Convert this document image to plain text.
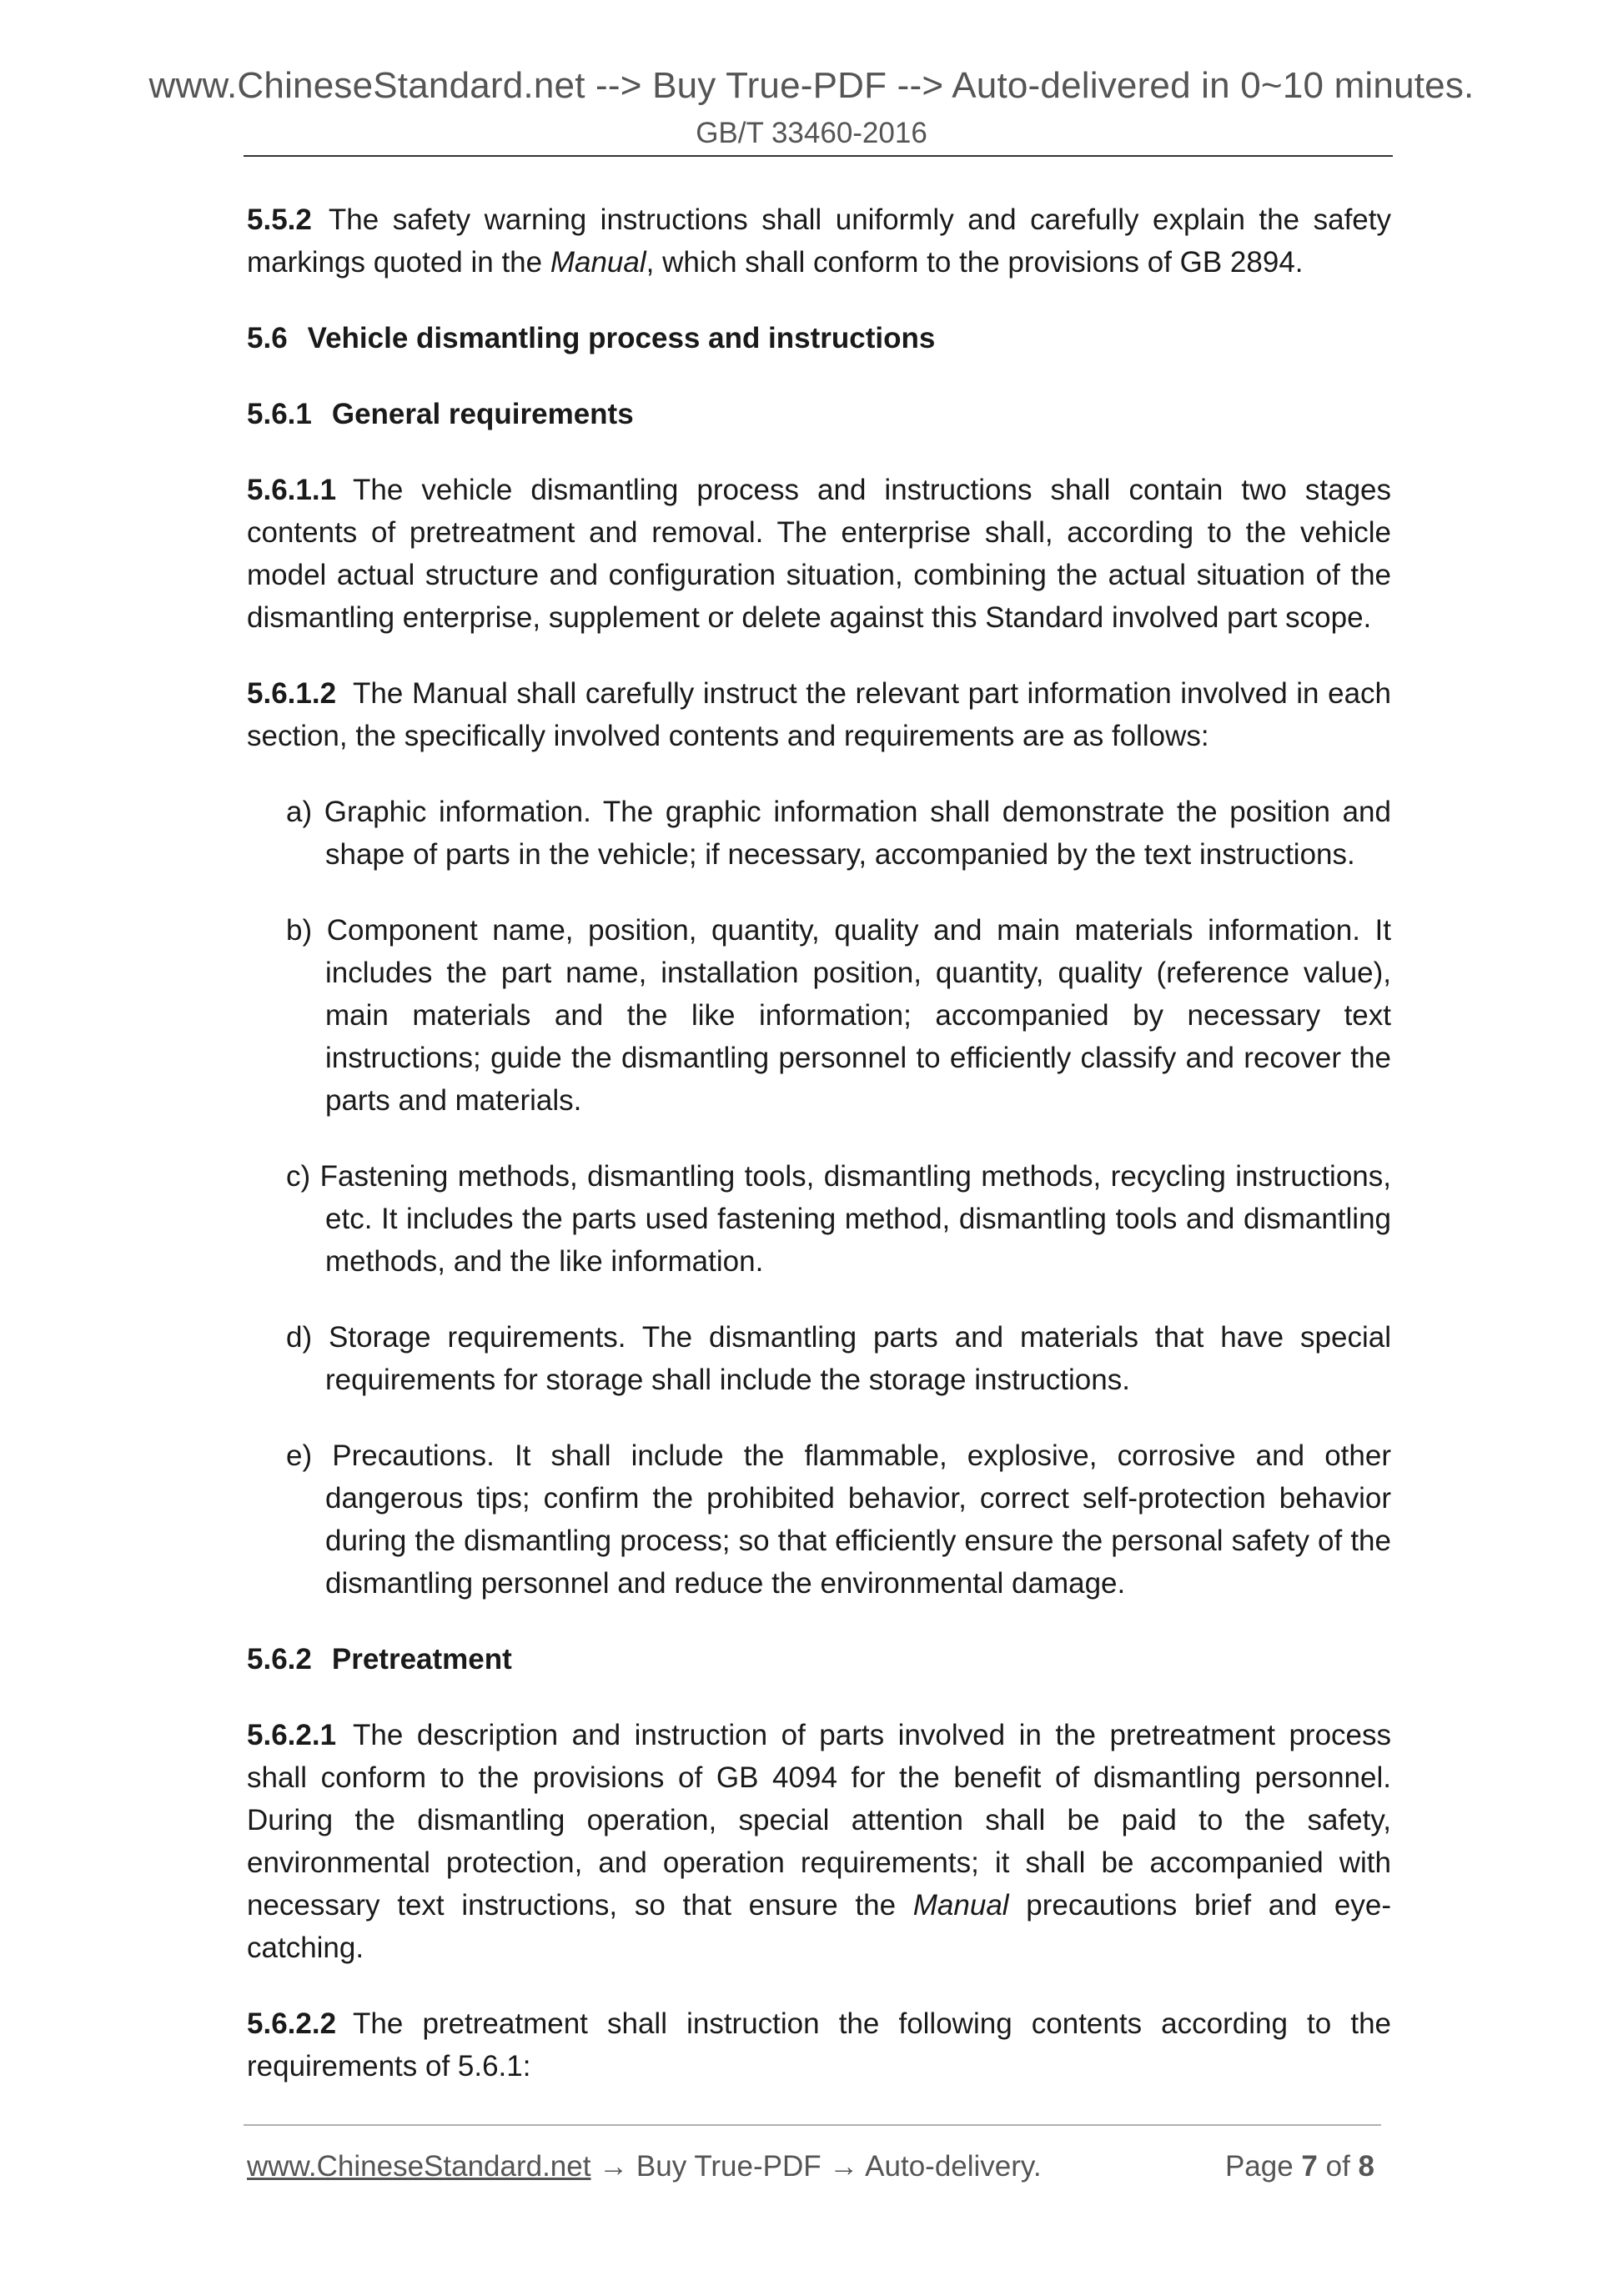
www.ChineseStandard.net --> Buy True-PDF --> Auto-delivered in 0~10 minutes.
GB/T 33460-2016

5.5.2 The safety warning instructions shall uniformly and carefully explain the safety markings quoted in the Manual, which shall conform to the provisions of GB 2894.

5.6 Vehicle dismantling process and instructions
5.6.1 General requirements

5.6.1.1 The vehicle dismantling process and instructions shall contain two stages contents of pretreatment and removal. The enterprise shall, according to the vehicle model actual structure and configuration situation, combining the actual situation of the dismantling enterprise, supplement or delete against this Standard involved part scope.

5.6.1.2 The Manual shall carefully instruct the relevant part information involved in each section, the specifically involved contents and requirements are as follows:

a) Graphic information. The graphic information shall demonstrate the position and shape of parts in the vehicle; if necessary, accompanied by the text instructions.
b) Component name, position, quantity, quality and main materials information. It includes the part name, installation position, quantity, quality (reference value), main materials and the like information; accompanied by necessary text instructions; guide the dismantling personnel to efficiently classify and recover the parts and materials.
c) Fastening methods, dismantling tools, dismantling methods, recycling instructions, etc. It includes the parts used fastening method, dismantling tools and dismantling methods, and the like information.
d) Storage requirements. The dismantling parts and materials that have special requirements for storage shall include the storage instructions.
e) Precautions. It shall include the flammable, explosive, corrosive and other dangerous tips; confirm the prohibited behavior, correct self-protection behavior during the dismantling process; so that efficiently ensure the personal safety of the dismantling personnel and reduce the environmental damage.
5.6.2 Pretreatment

5.6.2.1 The description and instruction of parts involved in the pretreatment process shall conform to the provisions of GB 4094 for the benefit of dismantling personnel. During the dismantling operation, special attention shall be paid to the safety, environmental protection, and operation requirements; it shall be accompanied with necessary text instructions, so that ensure the Manual precautions brief and eye-catching.

5.6.2.2 The pretreatment shall instruction the following contents according to the requirements of 5.6.1:

www.ChineseStandard.net → Buy True-PDF → Auto-delivery.	Page 7 of 8
